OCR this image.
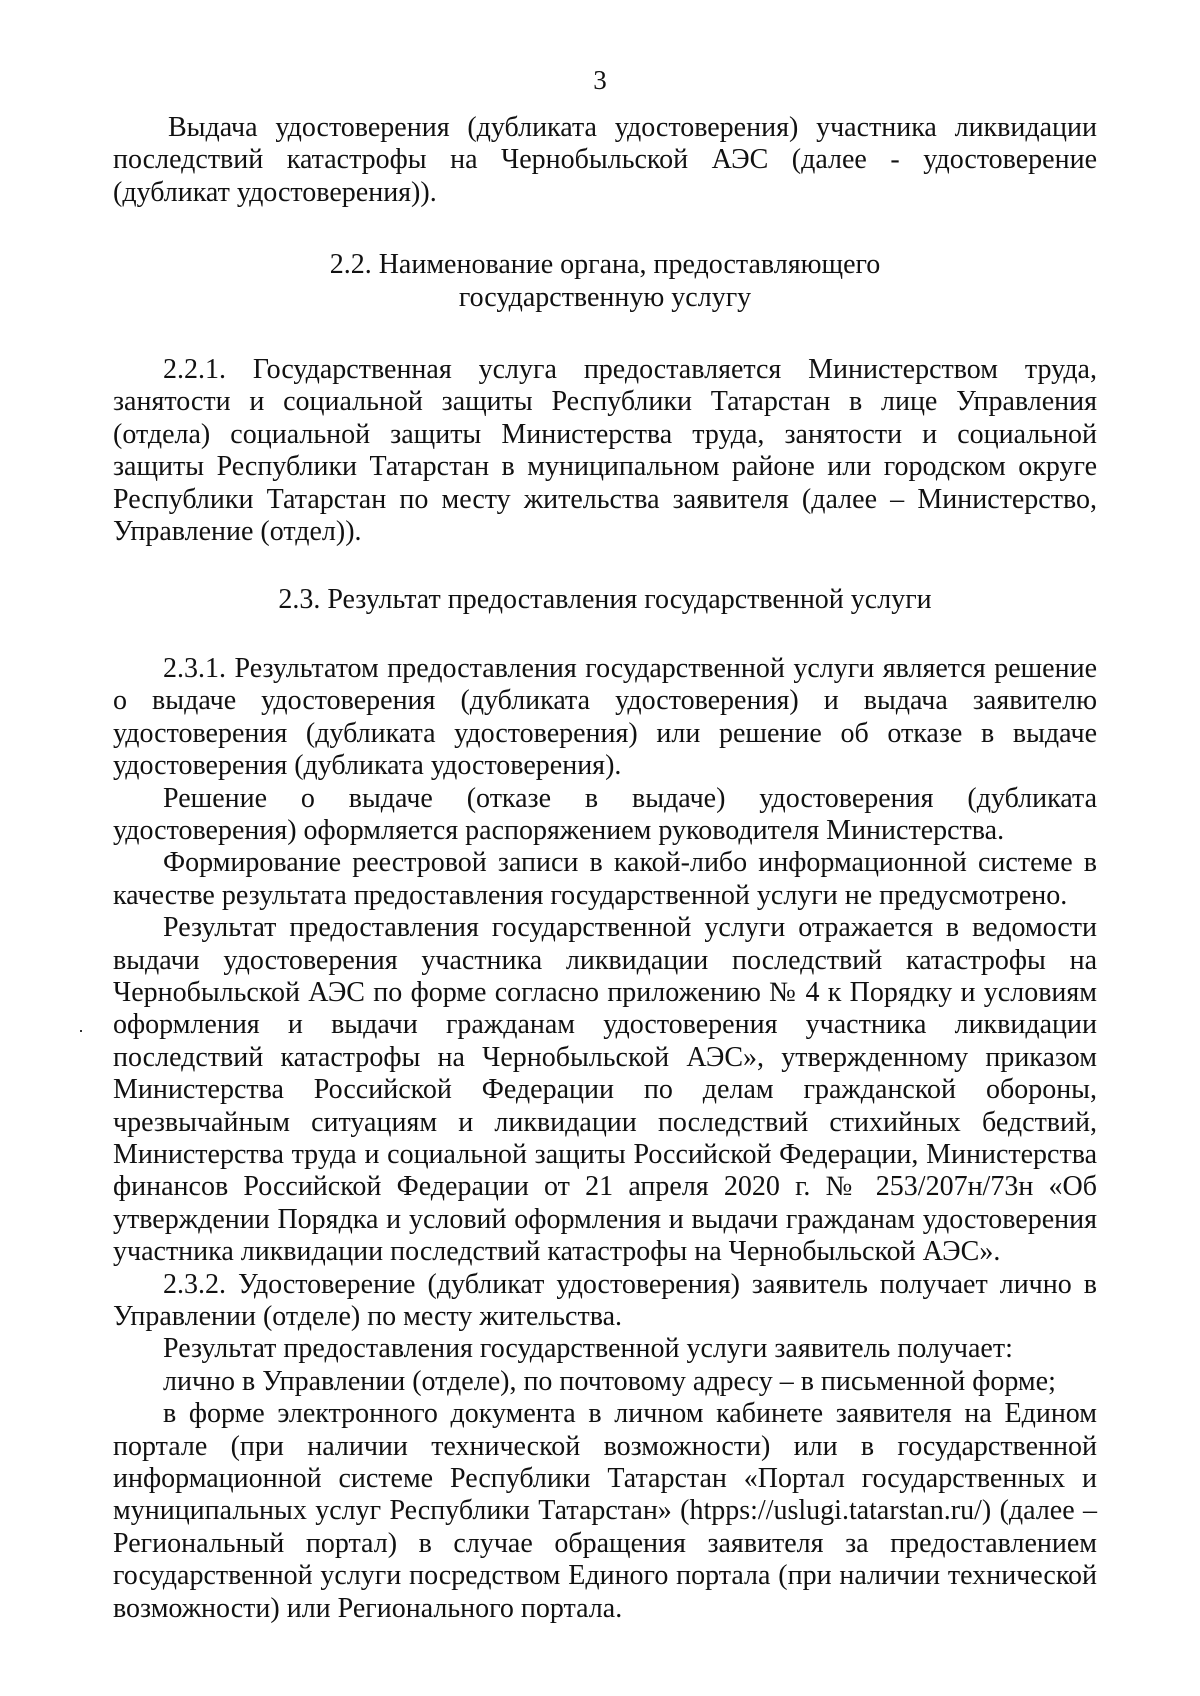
3

Выдача удостоверения (дубликата удостоверения) участника ликвидации последствий катастрофы на Чернобыльской АЭС (далее - удостоверение (дубликат удостоверения)).

2.2. Наименование органа, предоставляющего
государственную услугу

2.2.1. Государственная услуга предоставляется Министерством труда, занятости и социальной защиты Республики Татарстан в лице Управления (отдела) социальной защиты Министерства труда, занятости и социальной защиты Республики Татарстан в муниципальном районе или городском округе Республики Татарстан по месту жительства заявителя (далее – Министерство, Управление (отдел)).

2.3. Результат предоставления государственной услуги

2.3.1. Результатом предоставления государственной услуги является решение о выдаче удостоверения (дубликата удостоверения) и выдача заявителю удостоверения (дубликата удостоверения) или решение об отказе в выдаче удостоверения (дубликата удостоверения).

Решение о выдаче (отказе в выдаче) удостоверения (дубликата удостоверения) оформляется распоряжением руководителя Министерства.

Формирование реестровой записи в какой-либо информационной системе в качестве результата предоставления государственной услуги не предусмотрено.

Результат предоставления государственной услуги отражается в ведомости выдачи удостоверения участника ликвидации последствий катастрофы на Чернобыльской АЭС по форме согласно приложению № 4 к Порядку и условиям оформления и выдачи гражданам удостоверения участника ликвидации последствий катастрофы на Чернобыльской АЭС», утвержденному приказом Министерства Российской Федерации по делам гражданской обороны, чрезвычайным ситуациям и ликвидации последствий стихийных бедствий, Министерства труда и социальной защиты Российской Федерации, Министерства финансов Российской Федерации от 21 апреля 2020 г. № 253/207н/73н «Об утверждении Порядка и условий оформления и выдачи гражданам удостоверения участника ликвидации последствий катастрофы на Чернобыльской АЭС».

2.3.2. Удостоверение (дубликат удостоверения) заявитель получает лично в Управлении (отделе) по месту жительства.

Результат предоставления государственной услуги заявитель получает:

лично в Управлении (отделе), по почтовому адресу – в письменной форме;

в форме электронного документа в личном кабинете заявителя на Едином портале (при наличии технической возможности) или в государственной информационной системе Республики Татарстан «Портал государственных и муниципальных услуг Республики Татарстан» (htpps://uslugi.tatarstan.ru/) (далее – Региональный портал) в случае обращения заявителя за предоставлением государственной услуги посредством Единого портала (при наличии технической возможности) или Регионального портала.
